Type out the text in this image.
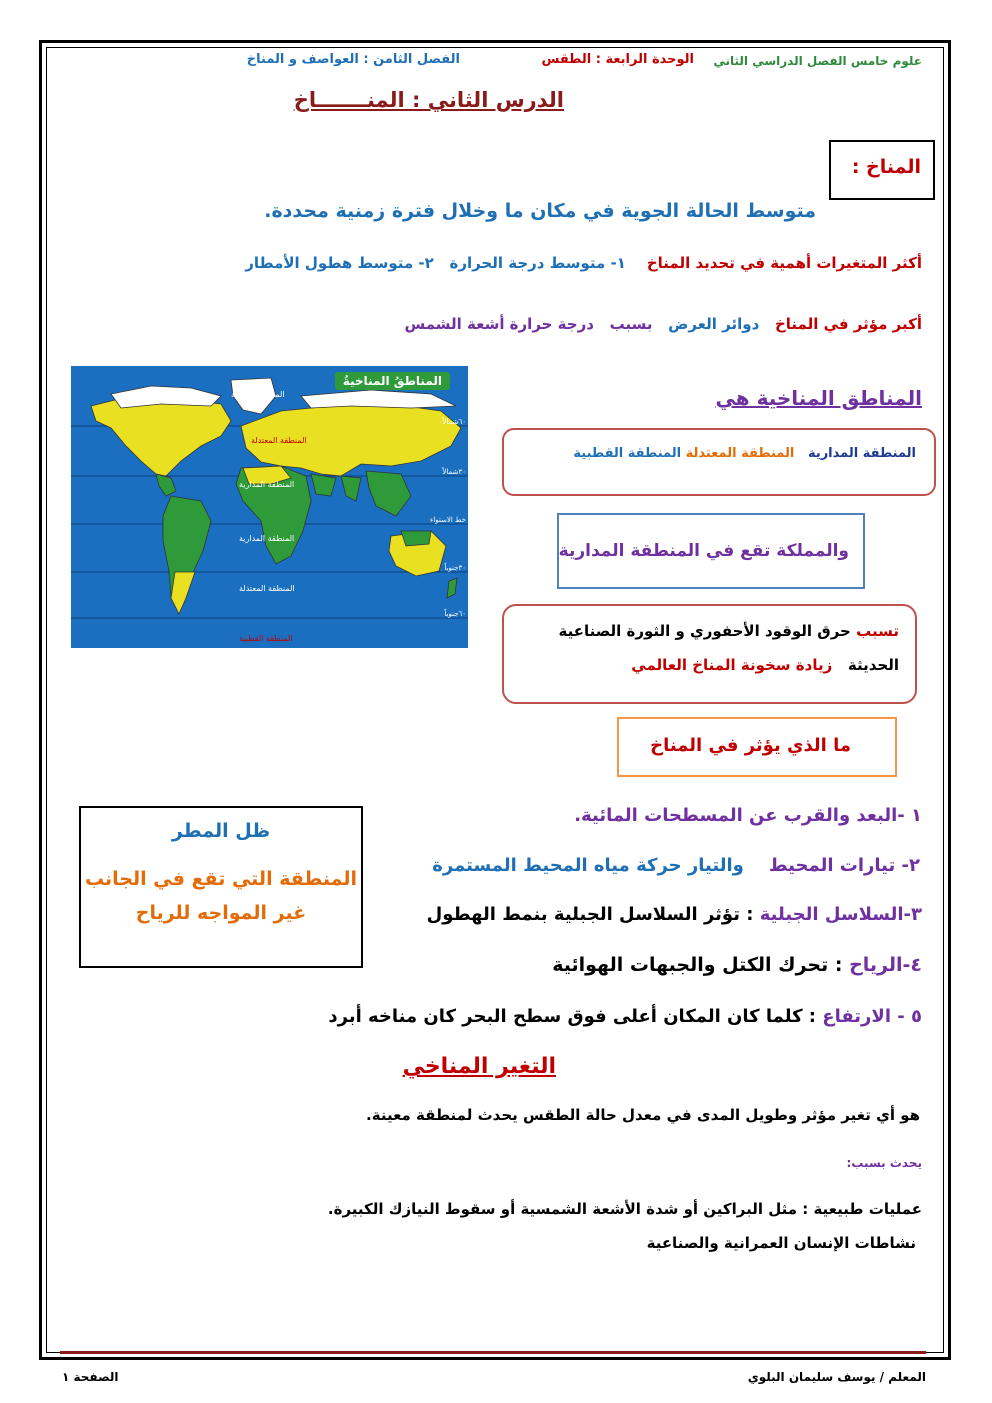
علوم خامس الفصل الدراسي الثاني
الوحدة الرابعة : الطقس
الفصل الثامن : العواصف و المناخ
الدرس الثاني : المنـــــــاخ
المناخ :
متوسط الحالة الجوية في مكان ما وخلال فترة زمنية محددة.
أكثر المتغيرات أهمية في تحديد المناخ    ١- متوسط درجة الحرارة   ٢- متوسط هطول الأمطار
أكبر مؤثر في المناخ   دوائر العرض   بسبب   درجة حرارة أشعة الشمس
المناطقُ المناخيةُ
المنطقة القطبية
المنطقة المعتدلة
المنطقة المدارية
المنطقة المدارية
المنطقة المعتدلة
المنطقة القطبية
٦٠شمالاً
٣٠شمالاً
خط الاستواء
٣٠جنوباً
٦٠جنوباً
المناطق المناخية هي
المنطقة المدارية   المنطقة المعتدلة المنطقة القطبية
والمملكة تقع في المنطقة المدارية
تسبب حرق الوقود الأحفوري و الثورة الصناعية
الحديثة   زيادة سخونة المناخ العالمي
ما الذي يؤثر في المناخ
ظل المطر
المنطقة التي تقع في الجانب
غير المواجه للرياح
١ -البعد والقرب عن المسطحات المائية.
٢- تيارات المحيط    والتيار حركة مياه المحيط المستمرة
٣-السلاسل الجبلية : تؤثر السلاسل الجبلية بنمط الهطول
٤-الرياح : تحرك الكتل والجبهات الهوائية
٥ - الارتفاع : كلما كان المكان أعلى فوق سطح البحر كان مناخه أبرد
التغير المناخي
هو أي تغير مؤثر وطويل المدى في معدل حالة الطقس يحدث لمنطقة معينة.
يحدث بسبب:
عمليات طبيعية : مثل البراكين أو شدة الأشعة الشمسية أو سقوط النيازك الكبيرة.
نشاطات الإنسان العمرانية والصناعية
المعلم / يوسف سليمان البلوي
الصفحة ١
